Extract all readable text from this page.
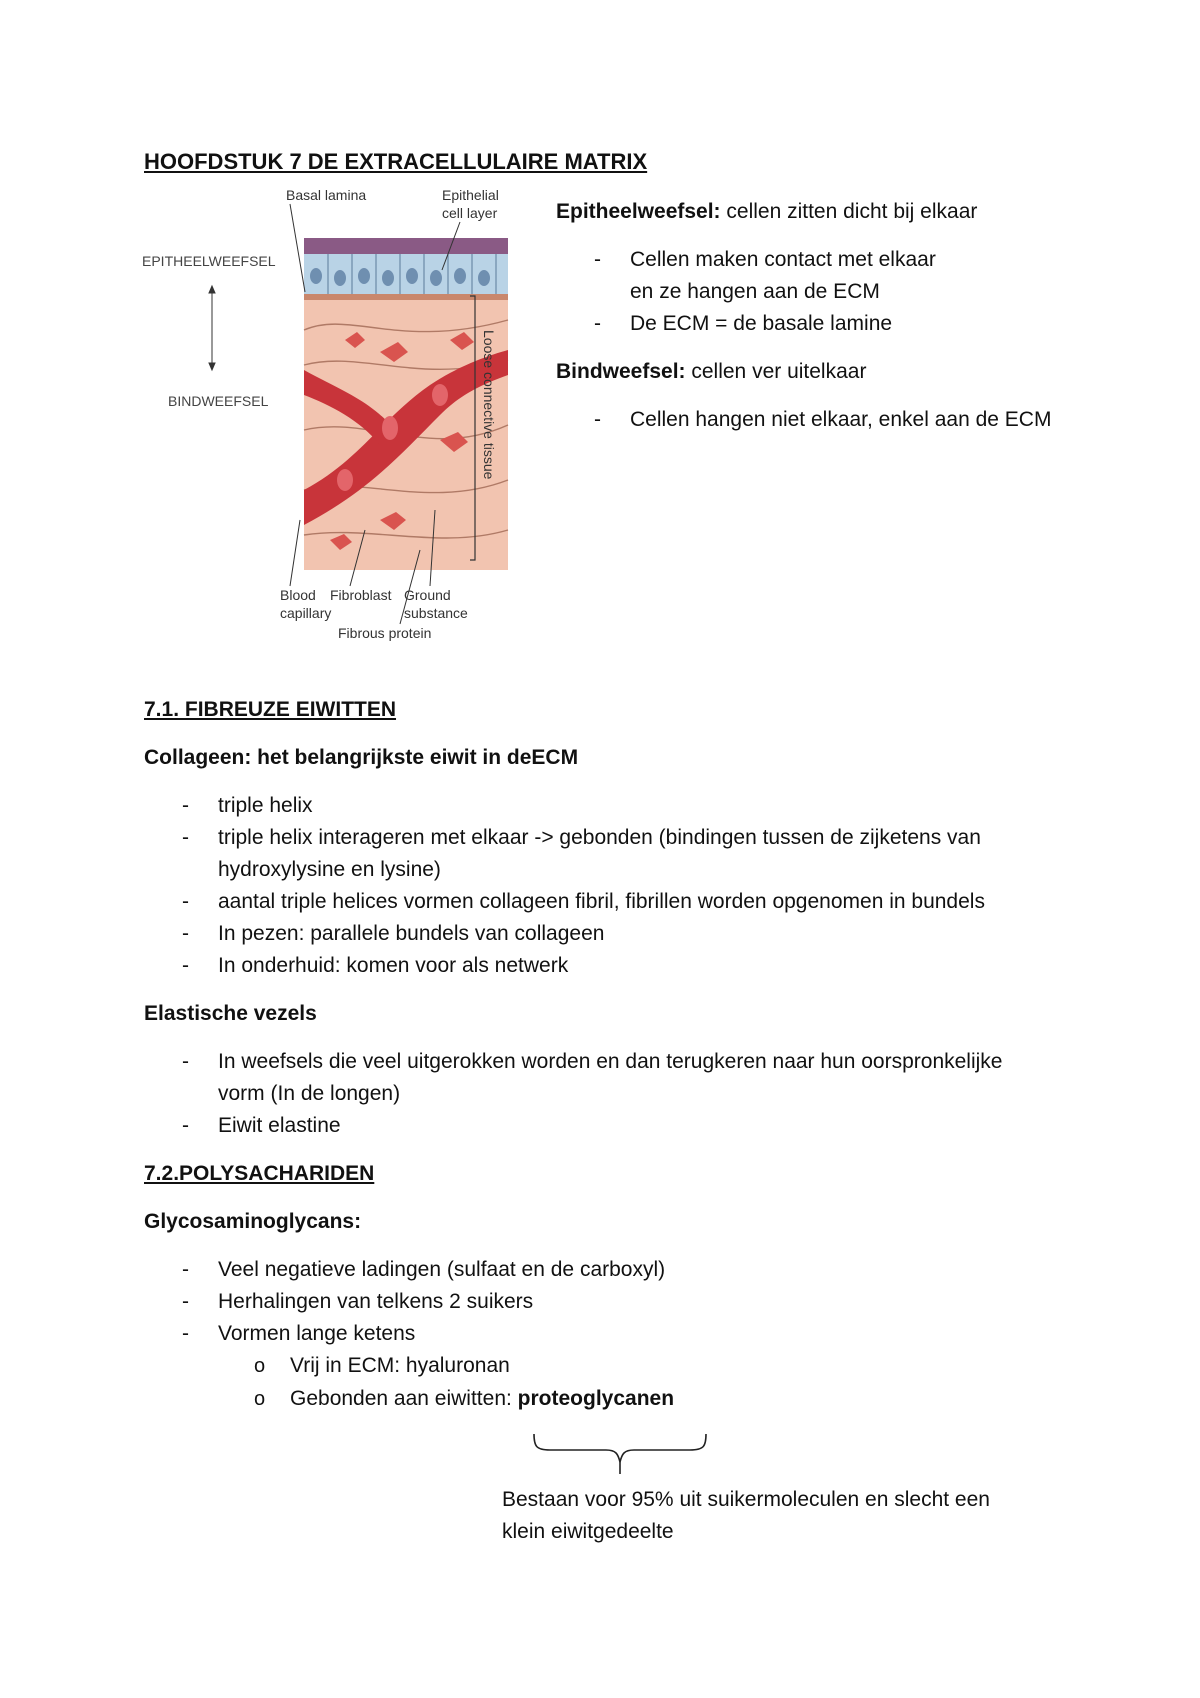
HOOFDSTUK 7 DE EXTRACELLULAIRE MATRIX
Basal lamina	Epithelial
cell layer
EPITHEELWEEFSEL
BINDWEEFSEL	Loose connective tissue
Blood
capillary
Fibroblast Ground
substance
Fibrous protein
Epitheelweefsel: cellen zitten dicht bij elkaar
- Cellen maken contact met elkaar
en ze hangen aan de ECM
- De ECM = de basale lamine
Bindweefsel: cellen ver uitelkaar
- Cellen hangen niet elkaar, enkel aan de ECM
7.1. FIBREUZE EIWITTEN
Collageen: het belangrijkste eiwit in deECM
- triple helix
- triple helix interageren met elkaar -> gebonden (bindingen tussen de zijketens van
hydroxylysine en lysine)
- aantal triple helices vormen collageen fibril, fibrillen worden opgenomen in bundels
- In pezen: parallele bundels van collageen
- In onderhuid: komen voor als netwerk
Elastische vezels
- In weefsels die veel uitgerokken worden en dan terugkeren naar hun oorspronkelijke
vorm (In de longen)
- Eiwit elastine
7.2.POLYSACHARIDEN
Glycosaminoglycans:
- Veel negatieve ladingen (sulfaat en de carboxyl)
- Herhalingen van telkens 2 suikers
- Vormen lange ketens
o Vrij in ECM: hyaluronan
o Gebonden aan eiwitten: proteoglycanen
Bestaan voor 95% uit suikermoleculen en slecht een
klein eiwitgedeelte
